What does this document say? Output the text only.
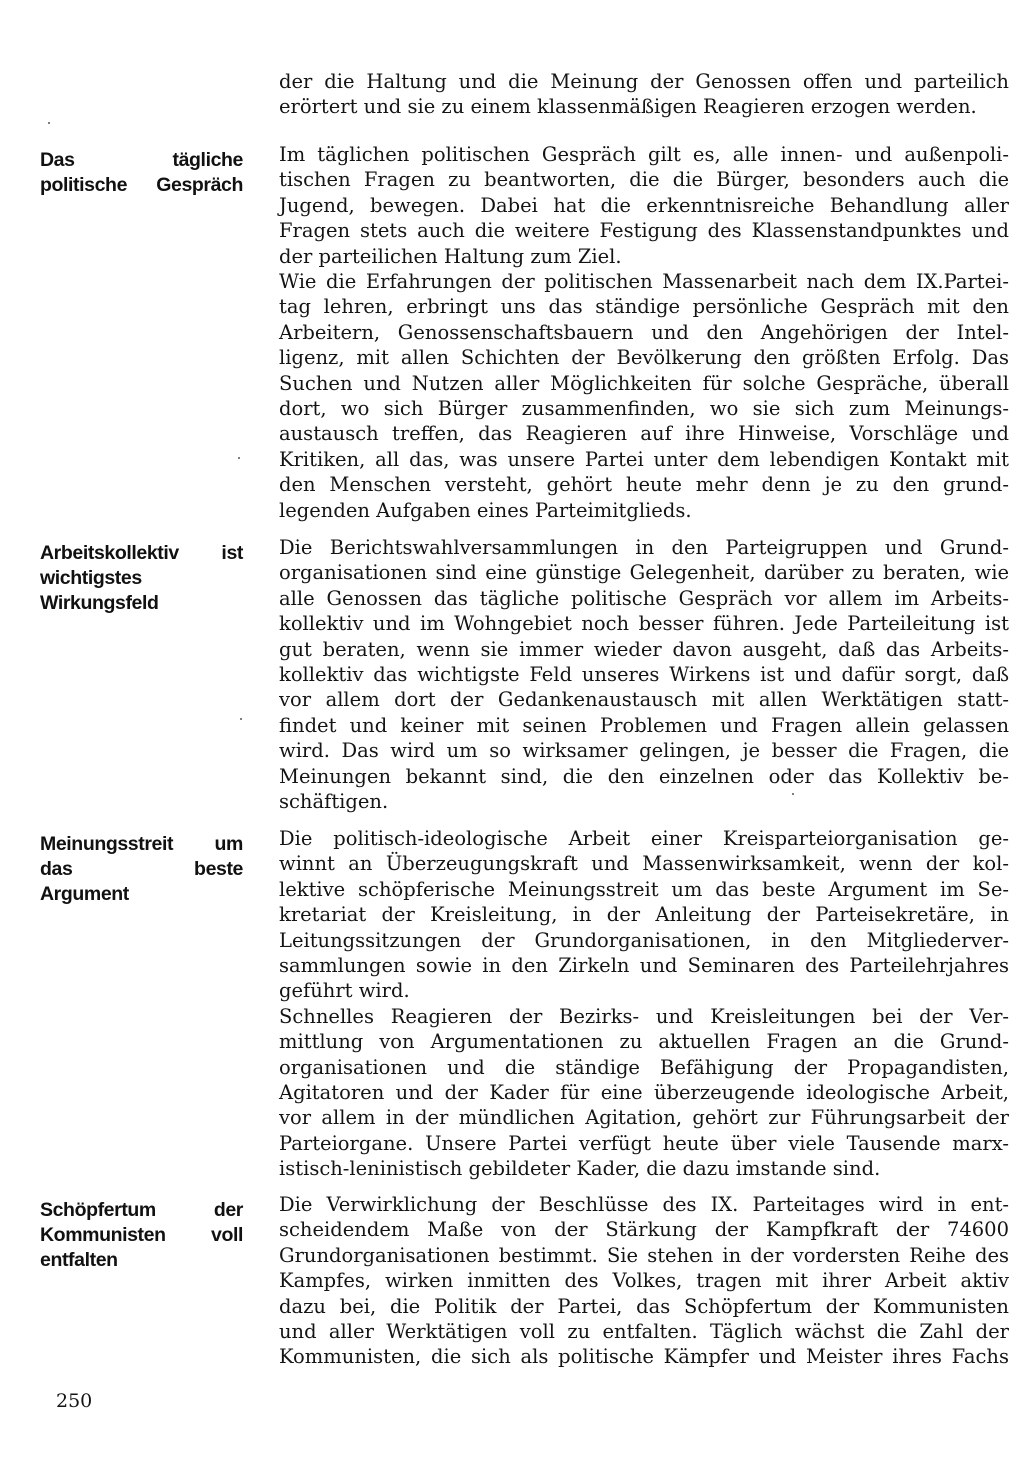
der die Haltung und die Meinung der Genossen offen und parteilich
erörtert und sie zu einem klassenmäßigen Reagieren erzogen werden.
Das tägliche
politische Gespräch
Im täglichen politischen Gespräch gilt es, alle innen- und außenpoli-
tischen Fragen zu beantworten, die die Bürger, besonders auch die
Jugend, bewegen. Dabei hat die erkenntnisreiche Behandlung aller
Fragen stets auch die weitere Festigung des Klassenstandpunktes und
der parteilichen Haltung zum Ziel.
Wie die Erfahrungen der politischen Massenarbeit nach dem IX.Partei-
tag lehren, erbringt uns das ständige persönliche Gespräch mit den
Arbeitern, Genossenschaftsbauern und den Angehörigen der Intel-
ligenz, mit allen Schichten der Bevölkerung den größten Erfolg. Das
Suchen und Nutzen aller Möglichkeiten für solche Gespräche, überall
dort, wo sich Bürger zusammenfinden, wo sie sich zum Meinungs-
austausch treffen, das Reagieren auf ihre Hinweise, Vorschläge und
Kritiken, all das, was unsere Partei unter dem lebendigen Kontakt mit
den Menschen versteht, gehört heute mehr denn je zu den grund-
legenden Aufgaben eines Parteimitglieds.
Arbeitskollektiv ist
wichtigstes
Wirkungsfeld
Die Berichtswahlversammlungen in den Parteigruppen und Grund-
organisationen sind eine günstige Gelegenheit, darüber zu beraten, wie
alle Genossen das tägliche politische Gespräch vor allem im Arbeits-
kollektiv und im Wohngebiet noch besser führen. Jede Parteileitung ist
gut beraten, wenn sie immer wieder davon ausgeht, daß das Arbeits-
kollektiv das wichtigste Feld unseres Wirkens ist und dafür sorgt, daß
vor allem dort der Gedankenaustausch mit allen Werktätigen statt-
findet und keiner mit seinen Problemen und Fragen allein gelassen
wird. Das wird um so wirksamer gelingen, je besser die Fragen, die
Meinungen bekannt sind, die den einzelnen oder das Kollektiv be-
schäftigen.
Meinungsstreit um
das beste
Argument
Die politisch-ideologische Arbeit einer Kreisparteiorganisation ge-
winnt an Überzeugungskraft und Massenwirksamkeit, wenn der kol-
lektive schöpferische Meinungsstreit um das beste Argument im Se-
kretariat der Kreisleitung, in der Anleitung der Parteisekretäre, in
Leitungssitzungen der Grundorganisationen, in den Mitgliederver-
sammlungen sowie in den Zirkeln und Seminaren des Parteilehrjahres
geführt wird.
Schnelles Reagieren der Bezirks- und Kreisleitungen bei der Ver-
mittlung von Argumentationen zu aktuellen Fragen an die Grund-
organisationen und die ständige Befähigung der Propagandisten,
Agitatoren und der Kader für eine überzeugende ideologische Arbeit,
vor allem in der mündlichen Agitation, gehört zur Führungsarbeit der
Parteiorgane. Unsere Partei verfügt heute über viele Tausende marx-
istisch-leninistisch gebildeter Kader, die dazu imstande sind.
Schöpfertum der
Kommunisten voll
entfalten
Die Verwirklichung der Beschlüsse des IX. Parteitages wird in ent-
scheidendem Maße von der Stärkung der Kampfkraft der 74600
Grundorganisationen bestimmt. Sie stehen in der vordersten Reihe des
Kampfes, wirken inmitten des Volkes, tragen mit ihrer Arbeit aktiv
dazu bei, die Politik der Partei, das Schöpfertum der Kommunisten
und aller Werktätigen voll zu entfalten. Täglich wächst die Zahl der
Kommunisten, die sich als politische Kämpfer und Meister ihres Fachs
250
